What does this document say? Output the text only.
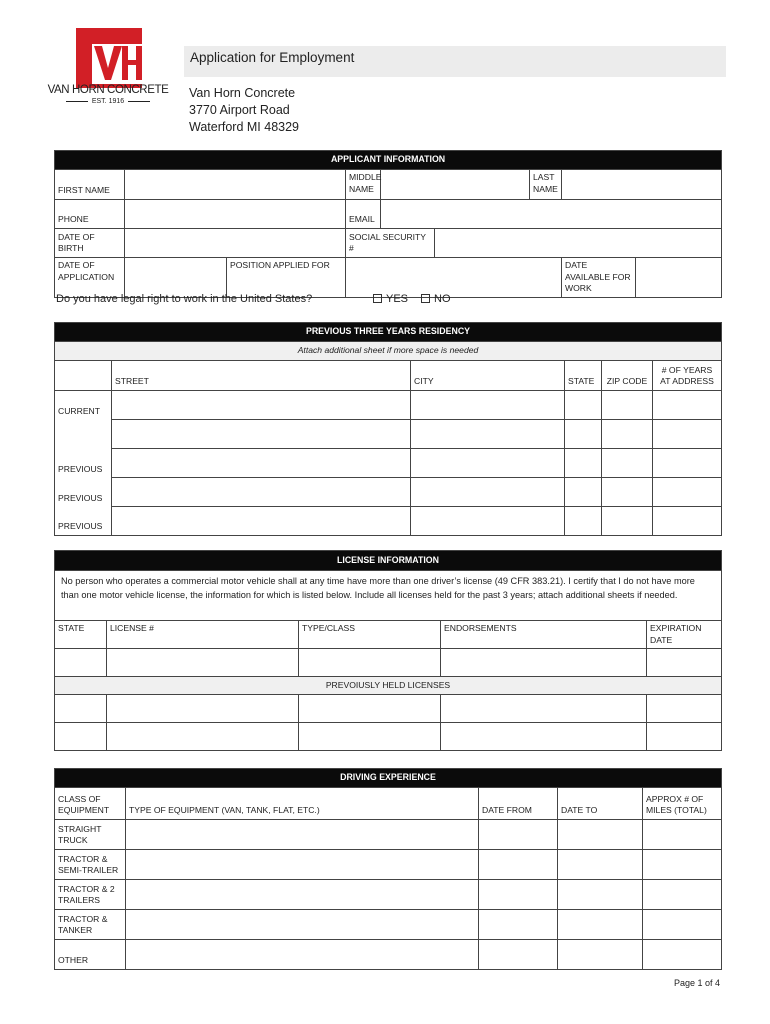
VAN HORN CONCRETE
EST. 1916
Application for Employment
Van Horn Concrete
3770 Airport Road
Waterford MI 48329
APPLICANT INFORMATION								
FIRST NAME			MIDDLE NAME			LAST NAME		
PHONE			EMAIL					
DATE OF BIRTH			SOCIAL SECURITY #					
DATE OF APPLICATION		POSITION APPLIED FOR					DATE AVAILABLE FOR WORK	
Do you have legal right to work in the United States?	YES	NO
PREVIOUS THREE YEARS RESIDENCY					
Attach additional sheet if more space is needed					
	STREET	CITY	STATE	ZIP CODE	# OF YEARS AT ADDRESS
CURRENT					

PREVIOUS					
PREVIOUS					
PREVIOUS					
LICENSE INFORMATION				
No person who operates a commercial motor vehicle shall at any time have more than one driver’s license (49 CFR 383.21). I certify that I do not have more than one motor vehicle license, the information for which is listed below. Include all licenses held for the past 3 years; attach additional sheets if needed.				
STATE	LICENSE #	TYPE/CLASS	ENDORSEMENTS	EXPIRATION DATE

PREVOIUSLY HELD LICENSES				

DRIVING EXPERIENCE				
CLASS OF EQUIPMENT	TYPE OF EQUIPMENT (VAN, TANK, FLAT, ETC.)	DATE FROM	DATE TO	APPROX # OF MILES (TOTAL)
STRAIGHT TRUCK				
TRACTOR & SEMI-TRAILER				
TRACTOR & 2 TRAILERS				
TRACTOR & TANKER				
OTHER				
Page 1 of 4
